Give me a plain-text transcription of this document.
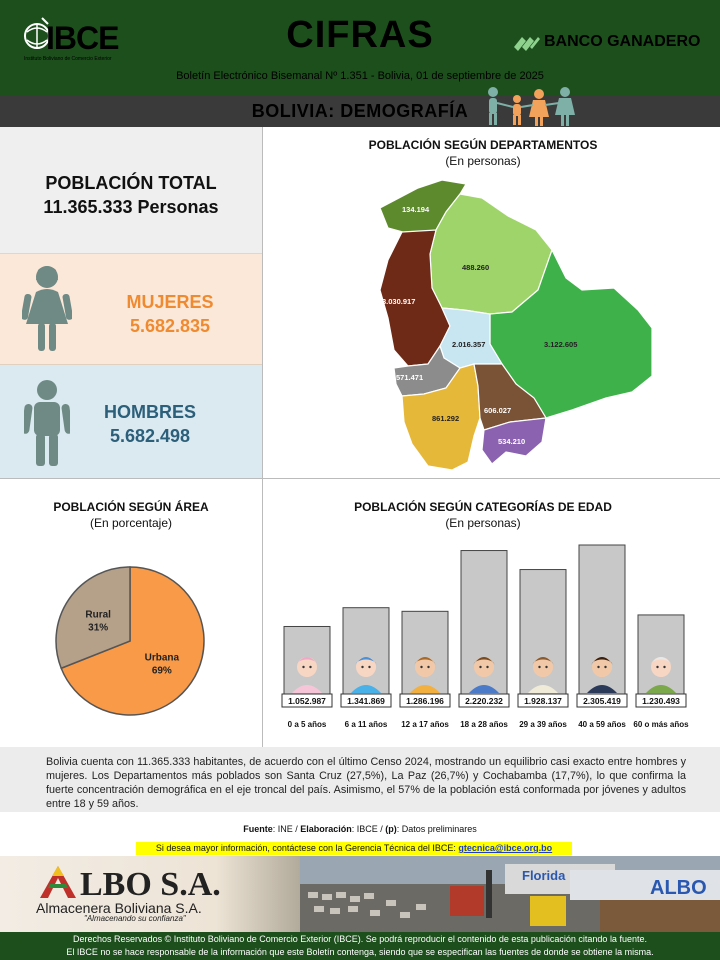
IBCE
Instituto Boliviano de Comercio Exterior
CIFRAS
Boletín Electrónico Bisemanal Nº 1.351 - Bolivia, 01 de septiembre de 2025
BANCO GANADERO
BOLIVIA: DEMOGRAFÍA
POBLACIÓN TOTAL
11.365.333 Personas
MUJERES
5.682.835
HOMBRES
5.682.498
POBLACIÓN SEGÚN DEPARTAMENTOS
(En personas)
134.194
488.260
3.030.917
3.122.605
2.016.357
571.471
861.292
606.027
534.210
POBLACIÓN SEGÚN ÁREA
(En porcentaje)
Urbana
69%
Rural
31%
POBLACIÓN SEGÚN CATEGORÍAS DE EDAD
(En personas)
1.052.987
0 a 5 años
1.341.869
6 a 11 años
1.286.196
12 a 17 años
2.220.232
18 a 28 años
1.928.137
29 a 39 años
2.305.419
40 a 59 años
1.230.493
60 o más años
Bolivia cuenta con 11.365.333 habitantes, de acuerdo con el último Censo 2024, mostrando un equilibrio casi exacto entre hombres y mujeres. Los Departamentos más poblados son Santa Cruz (27,5%), La Paz (26,7%) y Cochabamba (17,7%), lo que confirma la fuerte concentración demográfica en el eje troncal del país. Asimismo, el 57% de la población está conformada por jóvenes y adultos entre 18 y 59 años.
Fuente: INE / Elaboración: IBCE / (p): Datos preliminares
Si desea mayor información, contáctese con la Gerencia Técnica del IBCE: gtecnica@ibce.org.bo
Florida
ALBO
LBO S.A.
Almacenera Boliviana S.A.
"Almacenando su confianza"
Derechos Reservados © Instituto Boliviano de Comercio Exterior (IBCE). Se podrá reproducir el contenido de esta publicación citando la fuente.
El IBCE no se hace responsable de la información que este Boletín contenga, siendo que se especifican las fuentes de donde se obtiene la misma.
